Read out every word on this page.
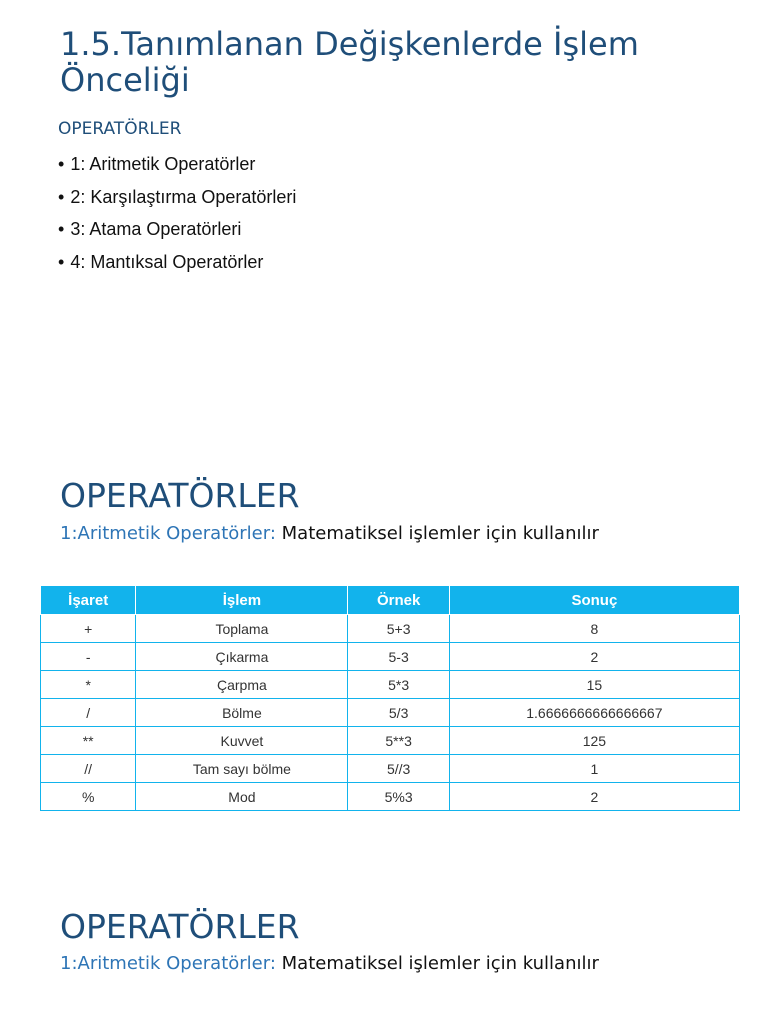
1.5.Tanımlanan Değişkenlerde İşlem Önceliği

OPERATÖRLER

• 1: Aritmetik Operatörler
• 2: Karşılaştırma Operatörleri
• 3: Atama Operatörleri
• 4: Mantıksal Operatörler
OPERATÖRLER

1:Aritmetik Operatörler: Matematiksel işlemler için kullanılır

İşaret	İşlem	Örnek	Sonuç
+	Toplama	5+3	8
-	Çıkarma	5-3	2
*	Çarpma	5*3	15
/	Bölme	5/3	1.6666666666666667
**	Kuvvet	5**3	125
//	Tam sayı bölme	5//3	1
%	Mod	5%3	2
OPERATÖRLER

1:Aritmetik Operatörler: Matematiksel işlemler için kullanılır
